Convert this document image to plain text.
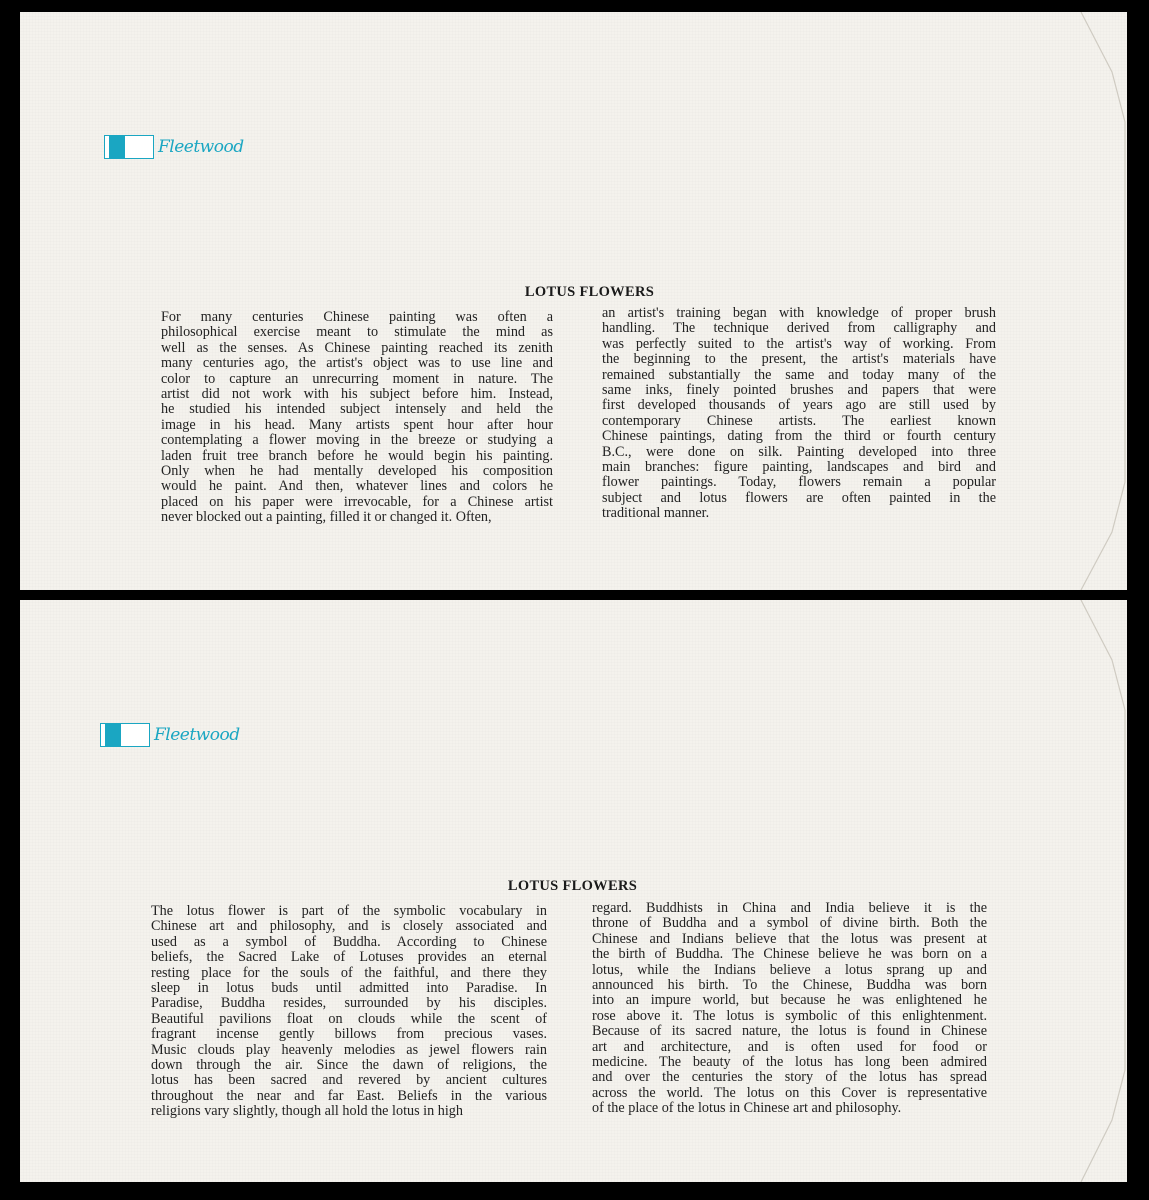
Fleetwood
LOTUS FLOWERS
For many centuries Chinese painting was often a
philosophical exercise meant to stimulate the mind as
well as the senses. As Chinese painting reached its zenith
many centuries ago, the artist's object was to use line and
color to capture an unrecurring moment in nature. The
artist did not work with his subject before him. Instead,
he studied his intended subject intensely and held the
image in his head. Many artists spent hour after hour
contemplating a flower moving in the breeze or studying a
laden fruit tree branch before he would begin his painting.
Only when he had mentally developed his composition
would he paint. And then, whatever lines and colors he
placed on his paper were irrevocable, for a Chinese artist
never blocked out a painting, filled it or changed it. Often,
an artist's training began with knowledge of proper brush
handling. The technique derived from calligraphy and
was perfectly suited to the artist's way of working. From
the beginning to the present, the artist's materials have
remained substantially the same and today many of the
same inks, finely pointed brushes and papers that were
first developed thousands of years ago are still used by
contemporary Chinese artists. The earliest known
Chinese paintings, dating from the third or fourth century
B.C., were done on silk. Painting developed into three
main branches: figure painting, landscapes and bird and
flower paintings. Today, flowers remain a popular
subject and lotus flowers are often painted in the
traditional manner.
Fleetwood
LOTUS FLOWERS
The lotus flower is part of the symbolic vocabulary in
Chinese art and philosophy, and is closely associated and
used as a symbol of Buddha. According to Chinese
beliefs, the Sacred Lake of Lotuses provides an eternal
resting place for the souls of the faithful, and there they
sleep in lotus buds until admitted into Paradise. In
Paradise, Buddha resides, surrounded by his disciples.
Beautiful pavilions float on clouds while the scent of
fragrant incense gently billows from precious vases.
Music clouds play heavenly melodies as jewel flowers rain
down through the air. Since the dawn of religions, the
lotus has been sacred and revered by ancient cultures
throughout the near and far East. Beliefs in the various
religions vary slightly, though all hold the lotus in high
regard. Buddhists in China and India believe it is the
throne of Buddha and a symbol of divine birth. Both the
Chinese and Indians believe that the lotus was present at
the birth of Buddha. The Chinese believe he was born on a
lotus, while the Indians believe a lotus sprang up and
announced his birth. To the Chinese, Buddha was born
into an impure world, but because he was enlightened he
rose above it. The lotus is symbolic of this enlightenment.
Because of its sacred nature, the lotus is found in Chinese
art and architecture, and is often used for food or
medicine. The beauty of the lotus has long been admired
and over the centuries the story of the lotus has spread
across the world. The lotus on this Cover is representative
of the place of the lotus in Chinese art and philosophy.
